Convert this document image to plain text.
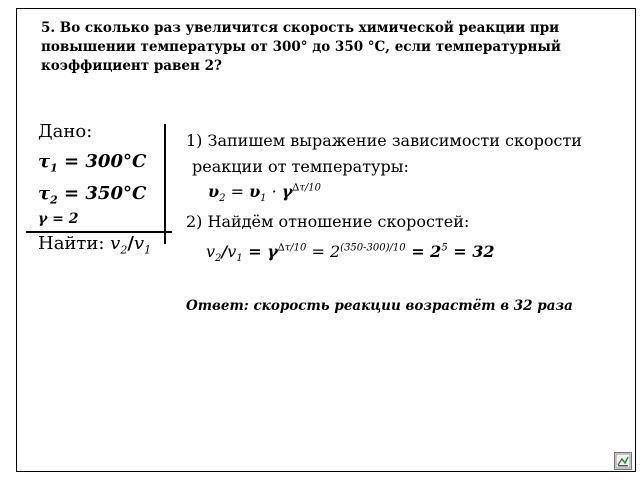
5. Во сколько раз увеличится скорость химической реакции при
повышении температуры от 300° до 350 °С, если температурный
коэффициент равен 2?
Дано:
$\tau_1 = 300^\circ С$
$\tau_2 = 350^\circ С$
γ = 2
Найти: $v_2/v_1$
1) Запишем выражение зависимости скорости
реакции от температуры:
$\upsilon_2 = \upsilon_1 \cdot \gamma^{\Delta\tau/10}$
2) Найдём отношение скоростей:
$v_2/v_1 = \gamma^{\Delta\tau/10} = 2^{(350-300)/10} = 2^5 = 32$
Ответ: скорость реакции возрастёт в 32 раза
